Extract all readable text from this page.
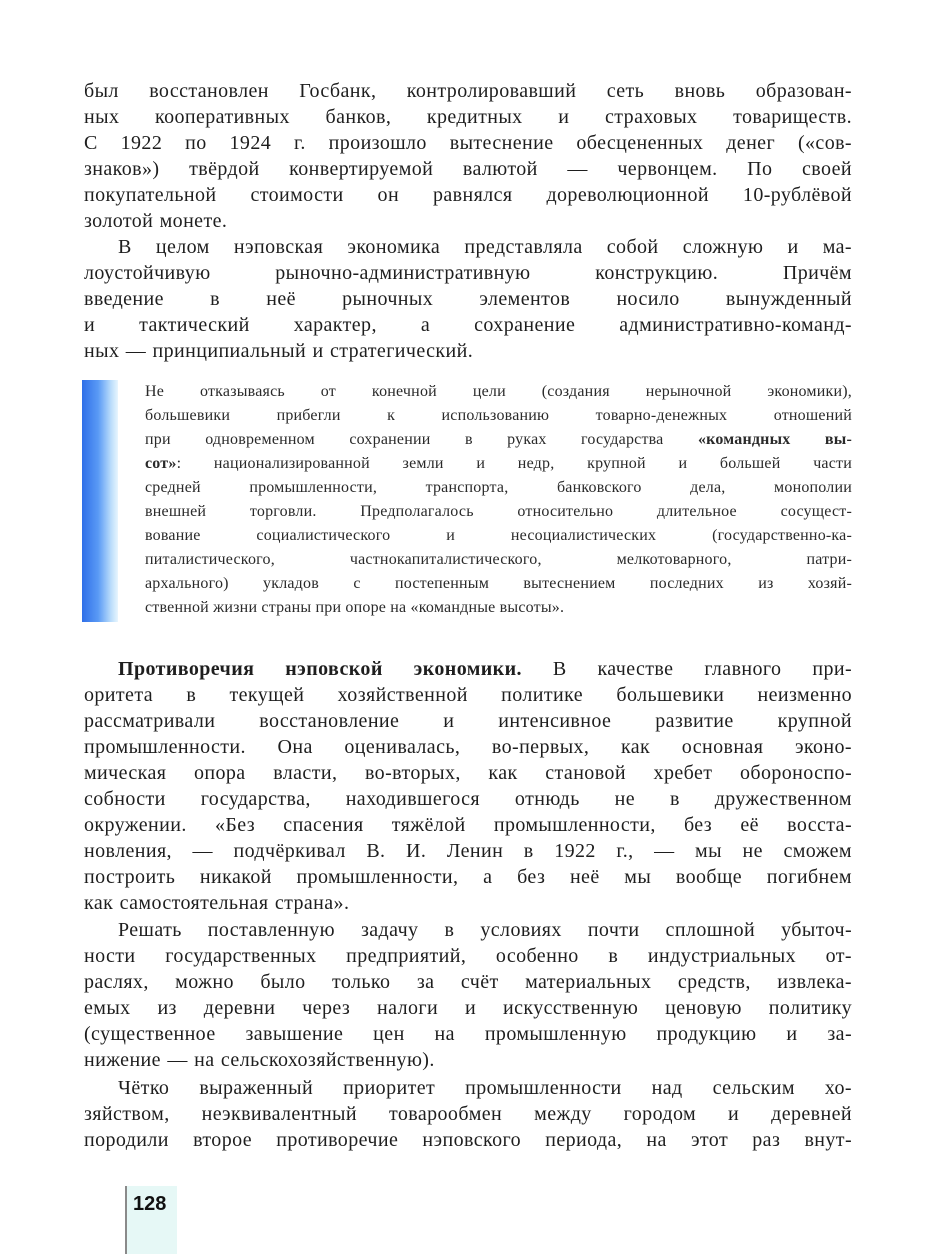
был восстановлен Госбанк, контролировавший сеть вновь образован-
ных кооперативных банков, кредитных и страховых товариществ.
С 1922 по 1924 г. произошло вытеснение обесцененных денег («сов-
знаков») твёрдой конвертируемой валютой — червонцем. По своей
покупательной стоимости он равнялся дореволюционной 10-рублёвой
золотой монете.
В целом нэповская экономика представляла собой сложную и ма-
лоустойчивую рыночно-административную конструкцию. Причём
введение в неё рыночных элементов носило вынужденный
и тактический характер, а сохранение административно-команд-
ных — принципиальный и стратегический.
Не отказываясь от конечной цели (создания нерыночной экономики),
большевики прибегли к использованию товарно-денежных отношений
при одновременном сохранении в руках государства «командных вы-
сот»: национализированной земли и недр, крупной и большей части
средней промышленности, транспорта, банковского дела, монополии
внешней торговли. Предполагалось относительно длительное сосущест-
вование социалистического и несоциалистических (государственно-ка-
питалистического, частнокапиталистического, мелкотоварного, патри-
архального) укладов с постепенным вытеснением последних из хозяй-
ственной жизни страны при опоре на «командные высоты».
Противоречия нэповской экономики. В качестве главного при-
оритета в текущей хозяйственной политике большевики неизменно
рассматривали восстановление и интенсивное развитие крупной
промышленности. Она оценивалась, во-первых, как основная эконо-
мическая опора власти, во-вторых, как становой хребет обороноспо-
собности государства, находившегося отнюдь не в дружественном
окружении. «Без спасения тяжёлой промышленности, без её восста-
новления, — подчёркивал В. И. Ленин в 1922 г., — мы не сможем
построить никакой промышленности, а без неё мы вообще погибнем
как самостоятельная страна».
Решать поставленную задачу в условиях почти сплошной убыточ-
ности государственных предприятий, особенно в индустриальных от-
раслях, можно было только за счёт материальных средств, извлека-
емых из деревни через налоги и искусственную ценовую политику
(существенное завышение цен на промышленную продукцию и за-
нижение — на сельскохозяйственную).
Чётко выраженный приоритет промышленности над сельским хо-
зяйством, неэквивалентный товарообмен между городом и деревней
породили второе противоречие нэповского периода, на этот раз внут-
128
